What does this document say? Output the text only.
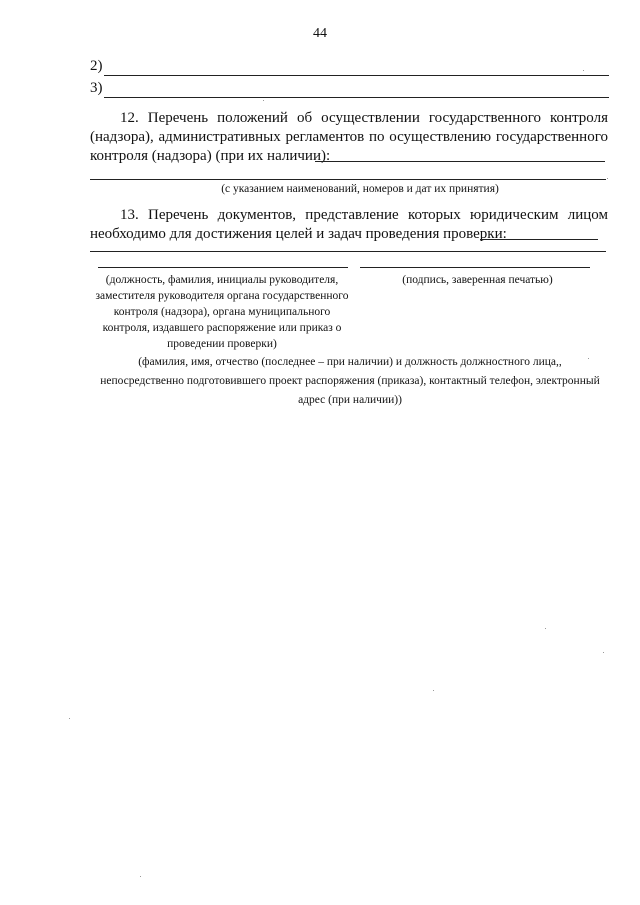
44
2)
3)
12. Перечень положений об осуществлении государственного контроля
(надзора), административных регламентов по осуществлению государственного
контроля (надзора) (при их наличии):
(с указанием наименований, номеров и дат их принятия)
13. Перечень документов, представление которых юридическим лицом
необходимо для достижения целей и задач проведения проверки:
(должность, фамилия, инициалы руководителя,
заместителя руководителя органа государственного
контроля (надзора), органа муниципального
контроля, издавшего распоряжение или приказ о
проведении проверки)
(подпись, заверенная печатью)
(фамилия, имя, отчество (последнее – при наличии) и должность должностного лица,,
непосредственно подготовившего проект распоряжения (приказа), контактный телефон, электронный
адрес (при наличии))
